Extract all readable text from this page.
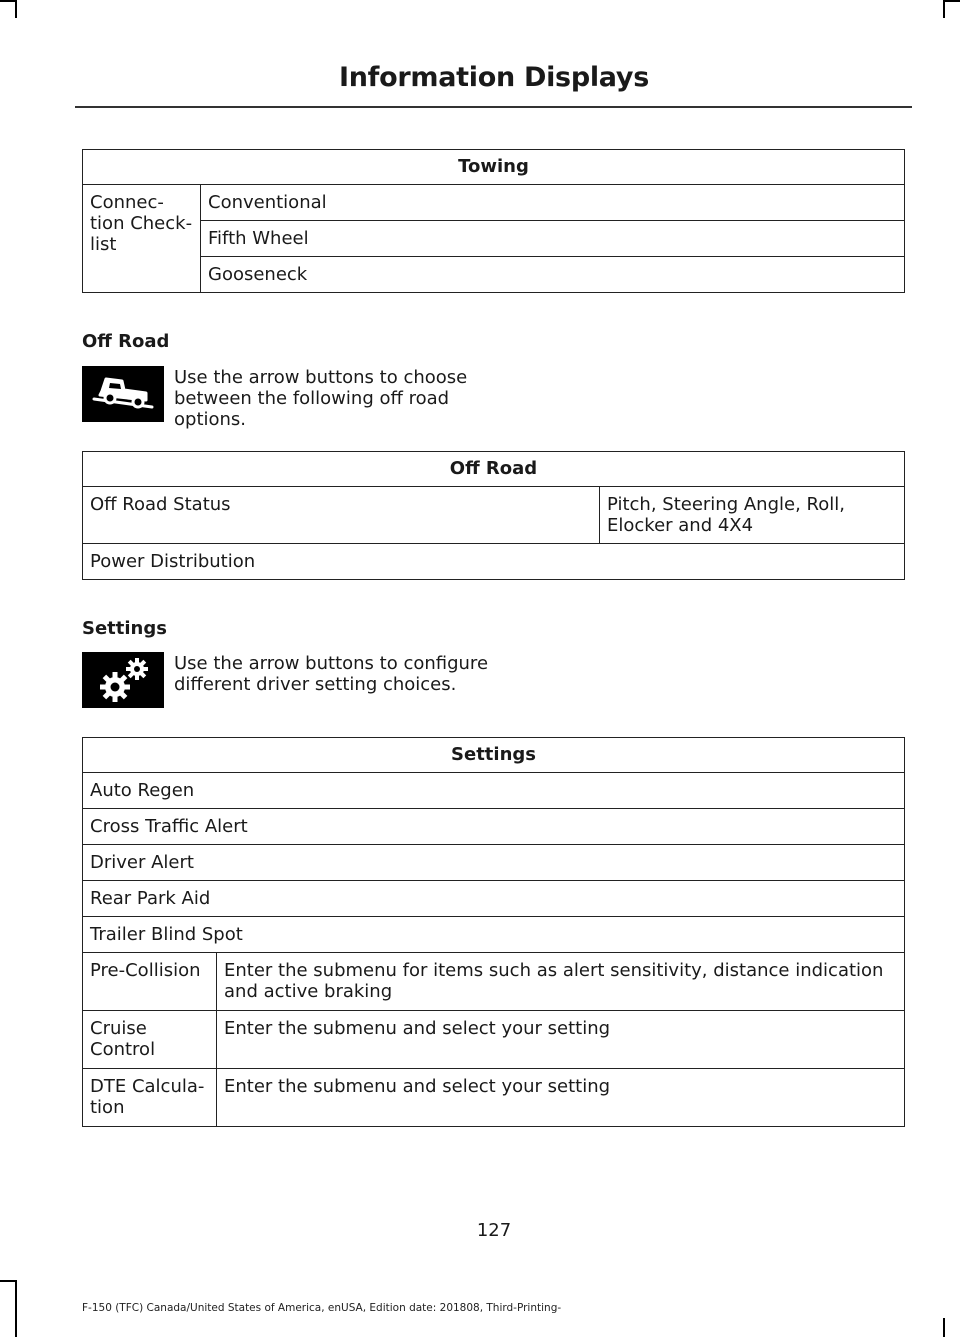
Information Displays
Towing
Connec-
tion Check-
list	Conventional
Fifth Wheel
Gooseneck
Off Road
Use the arrow buttons to choose between the following off road options.
Off Road
Off Road Status	Pitch, Steering Angle, Roll, Elocker and 4X4
Power Distribution
Settings
Use the arrow buttons to configure different driver setting choices.
Settings	
Auto Regen	
Cross Traffic Alert	
Driver Alert	
Rear Park Aid	
Trailer Blind Spot	
Pre-Collision	Enter the submenu for items such as alert sensitivity, distance indication and active braking
Cruise
Control	Enter the submenu and select your setting
DTE Calcula-
tion	Enter the submenu and select your setting
127
F-150 (TFC) Canada/United States of America, enUSA, Edition date: 201808, Third-Printing-
